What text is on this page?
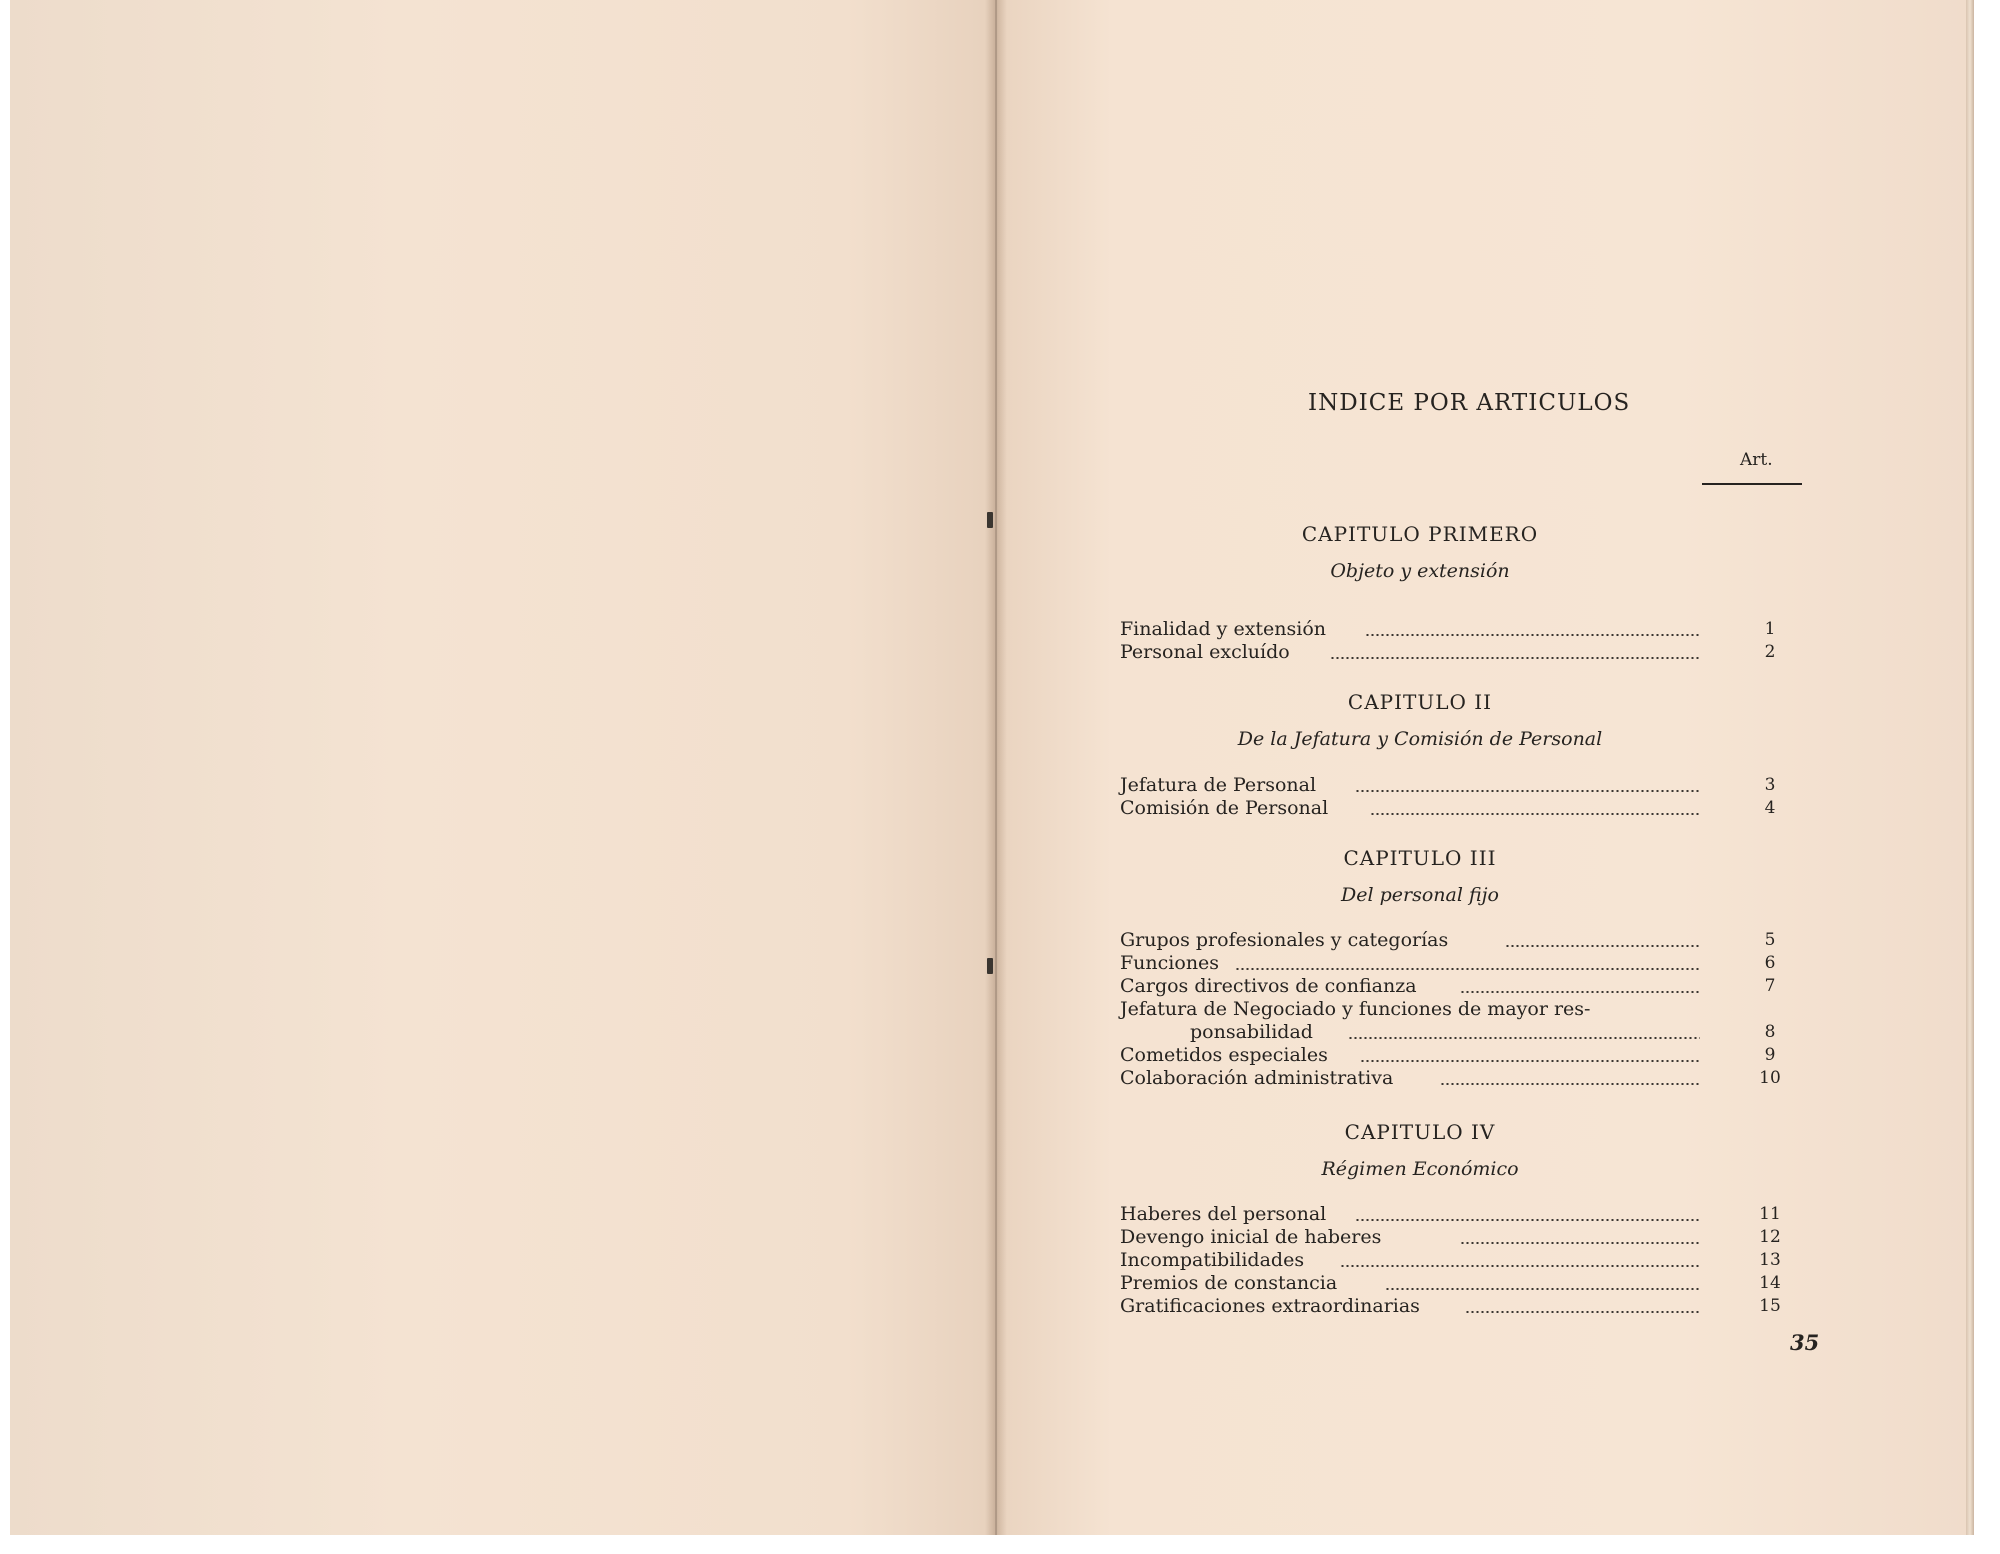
INDICE POR ARTICULOS
Art.
CAPITULO PRIMERO
Objeto y extensión
Finalidad y extensión	1
Personal excluído	2
CAPITULO II
De la Jefatura y Comisión de Personal
Jefatura de Personal	3
Comisión de Personal	4
CAPITULO III
Del personal fijo
Grupos profesionales y categorías	5
Funciones	6
Cargos directivos de confianza	7
Jefatura de Negociado y funciones de mayor res-
ponsabilidad	8
Cometidos especiales	9
Colaboración administrativa	10
CAPITULO IV
Régimen Económico
Haberes del personal	11
Devengo inicial de haberes	12
Incompatibilidades	13
Premios de constancia	14
Gratificaciones extraordinarias	15
35
